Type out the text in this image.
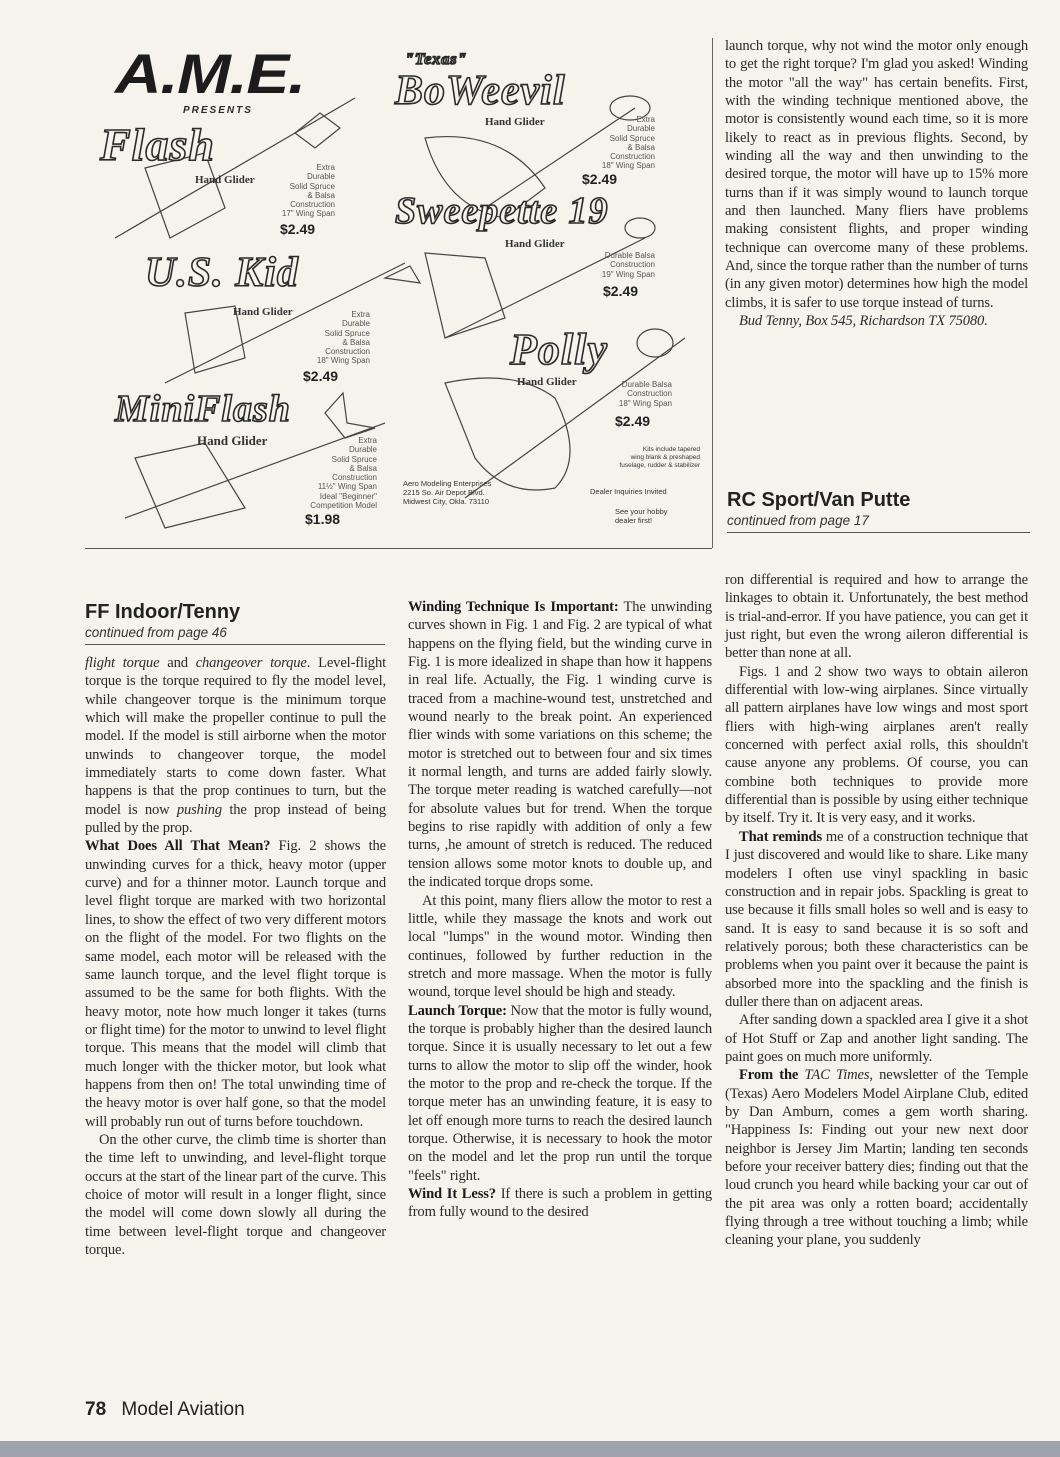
A.M.E.
PRESENTS
Flash
Hand Glider
Extra
Durable
Solid Spruce
& Balsa
Construction
17" Wing Span
$2.49
U.S. Kid
Hand Glider	Extra
Durable
Solid Spruce
& Balsa
Construction
18" Wing Span
$2.49
MiniFlash
Hand Glider	Extra
Durable
Solid Spruce
& Balsa
Construction
11½" Wing Span
Ideal "Beginner"
Competition Model
$1.98
"Texas"
BoWeevil
Hand Glider	Extra
Durable
Solid Spruce
& Balsa
Construction
18" Wing Span
$2.49
Sweepette 19
Hand Glider
Durable Balsa
Construction
19" Wing Span
$2.49
Polly
Hand Glider	Durable Balsa
Construction
18" Wing Span
$2.49
Kits include tapered
wing blank & preshaped
fuselage, rudder & stabilizer
Aero Modeling Enterprises
2215 So. Air Depot Blvd.
Midwest City, Okla. 73110
Dealer Inquiries Invited
See your hobby
dealer first!

launch torque, why not wind the motor only enough to get the right torque? I'm glad you asked! Winding the motor "all the way" has certain benefits. First, with the winding technique mentioned above, the motor is consistently wound each time, so it is more likely to react as in previous flights. Second, by winding all the way and then unwinding to the desired torque, the motor will have up to 15% more turns than if it was simply wound to launch torque and then launched. Many fliers have problems making consistent flights, and proper winding technique can overcome many of these problems. And, since the torque rather than the number of turns (in any given motor) determines how high the model climbs, it is safer to use torque instead of turns.

Bud Tenny, Box 545, Richardson TX 75080.

RC Sport/Van Putte
continued from page 17

ron differential is required and how to arrange the linkages to obtain it. Unfortunately, the best method is trial-and-error. If you have patience, you can get it just right, but even the wrong aileron differential is better than none at all.

Figs. 1 and 2 show two ways to obtain aileron differential with low-wing airplanes. Since virtually all pattern airplanes have low wings and most sport fliers with high-wing airplanes aren't really concerned with perfect axial rolls, this shouldn't cause anyone any problems. Of course, you can combine both techniques to provide more differential than is possible by using either technique by itself. Try it. It is very easy, and it works.

That reminds me of a construction technique that I just discovered and would like to share. Like many modelers I often use vinyl spackling in basic construction and in repair jobs. Spackling is great to use because it fills small holes so well and is easy to sand. It is easy to sand because it is so soft and relatively porous; both these characteristics can be problems when you paint over it because the paint is absorbed more into the spackling and the finish is duller there than on adjacent areas.

After sanding down a spackled area I give it a shot of Hot Stuff or Zap and another light sanding. The paint goes on much more uniformly.

From the TAC Times, newsletter of the Temple (Texas) Aero Modelers Model Airplane Club, edited by Dan Amburn, comes a gem worth sharing. "Happiness Is: Finding out your new next door neighbor is Jersey Jim Martin; landing ten seconds before your receiver battery dies; finding out that the loud crunch you heard while backing your car out of the pit area was only a rotten board; accidentally flying through a tree without touching a limb; while cleaning your plane, you suddenly

FF Indoor/Tenny
continued from page 46

flight torque and changeover torque. Level-flight torque is the torque required to fly the model level, while changeover torque is the minimum torque which will make the propeller continue to pull the model. If the model is still airborne when the motor unwinds to changeover torque, the model immediately starts to come down faster. What happens is that the prop continues to turn, but the model is now pushing the prop instead of being pulled by the prop.

What Does All That Mean? Fig. 2 shows the unwinding curves for a thick, heavy motor (upper curve) and for a thinner motor. Launch torque and level flight torque are marked with two horizontal lines, to show the effect of two very different motors on the flight of the model. For two flights on the same model, each motor will be released with the same launch torque, and the level flight torque is assumed to be the same for both flights. With the heavy motor, note how much longer it takes (turns or flight time) for the motor to unwind to level flight torque. This means that the model will climb that much longer with the thicker motor, but look what happens from then on! The total unwinding time of the heavy motor is over half gone, so that the model will probably run out of turns before touchdown.

On the other curve, the climb time is shorter than the time left to unwinding, and level-flight torque occurs at the start of the linear part of the curve. This choice of motor will result in a longer flight, since the model will come down slowly all during the time between level-flight torque and changeover torque.

Winding Technique Is Important: The unwinding curves shown in Fig. 1 and Fig. 2 are typical of what happens on the flying field, but the winding curve in Fig. 1 is more idealized in shape than how it happens in real life. Actually, the Fig. 1 winding curve is traced from a machine-wound test, unstretched and wound nearly to the break point. An experienced flier winds with some variations on this scheme; the motor is stretched out to between four and six times it normal length, and turns are added fairly slowly. The torque meter reading is watched carefully—not for absolute values but for trend. When the torque begins to rise rapidly with addition of only a few turns, ,he amount of stretch is reduced. The reduced tension allows some motor knots to double up, and the indicated torque drops some.

At this point, many fliers allow the motor to rest a little, while they massage the knots and work out local "lumps" in the wound motor. Winding then continues, followed by further reduction in the stretch and more massage. When the motor is fully wound, torque level should be high and steady.

Launch Torque: Now that the motor is fully wound, the torque is probably higher than the desired launch torque. Since it is usually necessary to let out a few turns to allow the motor to slip off the winder, hook the motor to the prop and re-check the torque. If the torque meter has an unwinding feature, it is easy to let off enough more turns to reach the desired launch torque. Otherwise, it is necessary to hook the motor on the model and let the prop run until the torque "feels" right.

Wind It Less? If there is such a problem in getting from fully wound to the desired

78 Model Aviation
